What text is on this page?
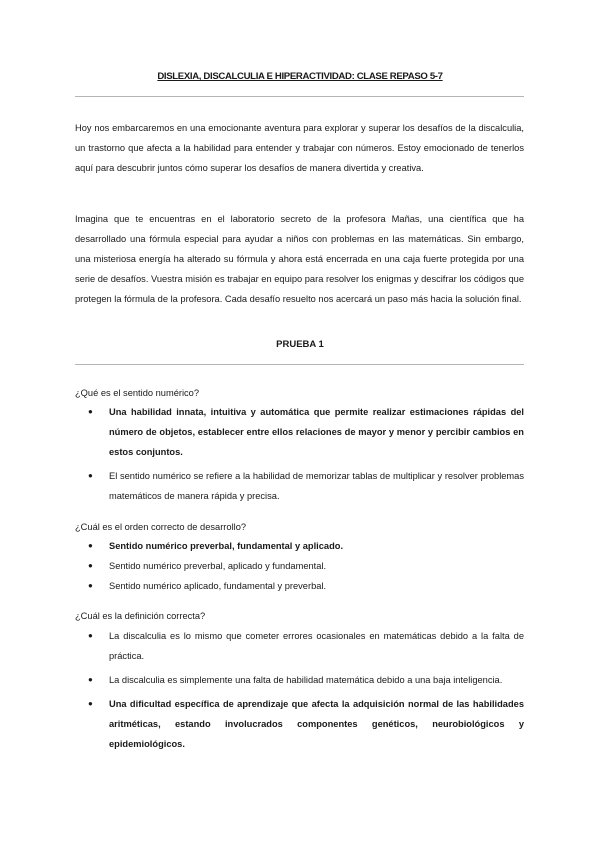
DISLEXIA, DISCALCULIA E HIPERACTIVIDAD: CLASE REPASO 5-7

Hoy nos embarcaremos en una emocionante aventura para explorar y superar los desafíos de la discalculia, un trastorno que afecta a la habilidad para entender y trabajar con números. Estoy emocionado de tenerlos aquí para descubrir juntos cómo superar los desafíos de manera divertida y creativa.

Imagina que te encuentras en el laboratorio secreto de la profesora Mañas, una científica que ha desarrollado una fórmula especial para ayudar a niños con problemas en las matemáticas. Sin embargo, una misteriosa energía ha alterado su fórmula y ahora está encerrada en una caja fuerte protegida por una serie de desafíos. Vuestra misión es trabajar en equipo para resolver los enigmas y descifrar los códigos que protegen la fórmula de la profesora. Cada desafío resuelto nos acercará un paso más hacia la solución final.

PRUEBA 1
¿Qué es el sentido numérico?
● Una habilidad innata, intuitiva y automática que permite realizar estimaciones rápidas del número de objetos, establecer entre ellos relaciones de mayor y menor y percibir cambios en estos conjuntos.
● El sentido numérico se refiere a la habilidad de memorizar tablas de multiplicar y resolver problemas matemáticos de manera rápida y precisa.
¿Cuál es el orden correcto de desarrollo?
● Sentido numérico preverbal, fundamental y aplicado.
● Sentido numérico preverbal, aplicado y fundamental.
● Sentido numérico aplicado, fundamental y preverbal.
¿Cuál es la definición correcta?
● La discalculia es lo mismo que cometer errores ocasionales en matemáticas debido a la falta de práctica.
● La discalculia es simplemente una falta de habilidad matemática debido a una baja inteligencia.
● Una dificultad específica de aprendizaje que afecta la adquisición normal de las habilidades aritméticas, estando involucrados componentes genéticos, neurobiológicos y epidemiológicos.
